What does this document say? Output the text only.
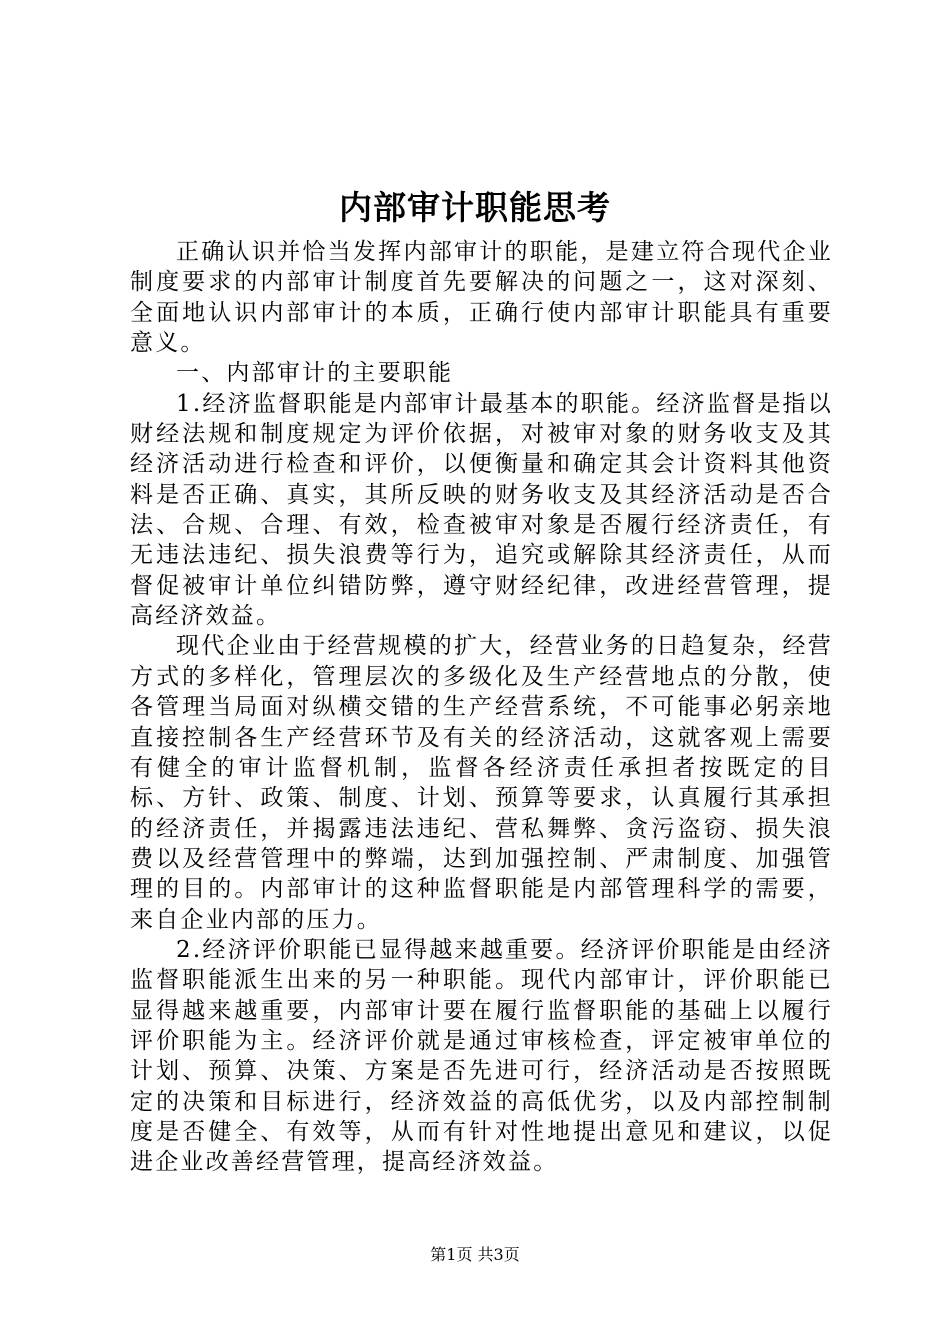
内部审计职能思考

正确认识并恰当发挥内部审计的职能，是建立符合现代企业制度要求的内部审计制度首先要解决的问题之一，这对深刻、全面地认识内部审计的本质，正确行使内部审计职能具有重要意义。

一、内部审计的主要职能

1.经济监督职能是内部审计最基本的职能。经济监督是指以财经法规和制度规定为评价依据，对被审对象的财务收支及其经济活动进行检查和评价，以便衡量和确定其会计资料其他资料是否正确、真实，其所反映的财务收支及其经济活动是否合法、合规、合理、有效，检查被审对象是否履行经济责任，有无违法违纪、损失浪费等行为，追究或解除其经济责任，从而督促被审计单位纠错防弊，遵守财经纪律，改进经营管理，提高经济效益。

现代企业由于经营规模的扩大，经营业务的日趋复杂，经营方式的多样化，管理层次的多级化及生产经营地点的分散，使各管理当局面对纵横交错的生产经营系统，不可能事必躬亲地直接控制各生产经营环节及有关的经济活动，这就客观上需要有健全的审计监督机制，监督各经济责任承担者按既定的目标、方针、政策、制度、计划、预算等要求，认真履行其承担的经济责任，并揭露违法违纪、营私舞弊、贪污盗窃、损失浪费以及经营管理中的弊端，达到加强控制、严肃制度、加强管理的目的。内部审计的这种监督职能是内部管理科学的需要，来自企业内部的压力。

2.经济评价职能已显得越来越重要。经济评价职能是由经济监督职能派生出来的另一种职能。现代内部审计，评价职能已显得越来越重要，内部审计要在履行监督职能的基础上以履行评价职能为主。经济评价就是通过审核检查，评定被审单位的计划、预算、决策、方案是否先进可行，经济活动是否按照既定的决策和目标进行，经济效益的高低优劣，以及内部控制制度是否健全、有效等，从而有针对性地提出意见和建议，以促进企业改善经营管理，提高经济效益。

第1页 共3页
